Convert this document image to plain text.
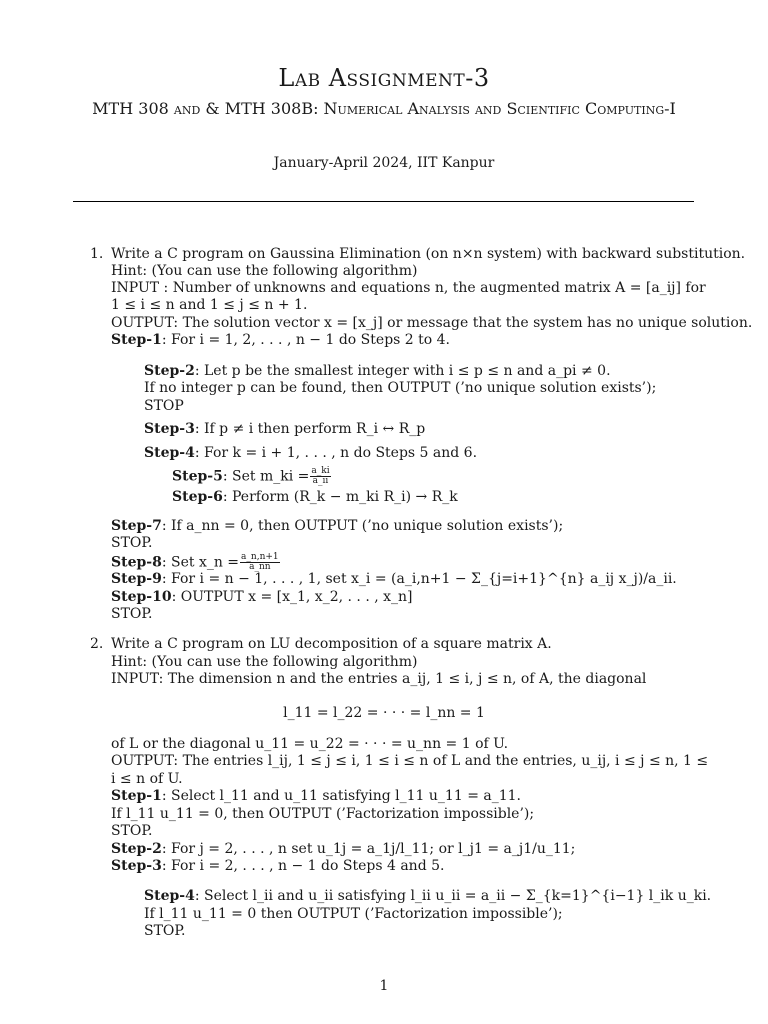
Lab Assignment-3
MTH 308 and & MTH 308B: Numerical Analysis and Scientific Computing-I
January-April 2024, IIT Kanpur
1. Write a C program on Gaussina Elimination (on n×n system) with backward substitution.
Hint: (You can use the following algorithm)
INPUT : Number of unknowns and equations n, the augmented matrix A = [a_ij] for
1 ≤ i ≤ n and 1 ≤ j ≤ n + 1.
OUTPUT: The solution vector x = [x_j] or message that the system has no unique solution.
Step-1: For i = 1, 2, . . . , n − 1 do Steps 2 to 4.
Step-2: Let p be the smallest integer with i ≤ p ≤ n and a_pi ≠ 0.
If no integer p can be found, then OUTPUT (’no unique solution exists’);
STOP
Step-3: If p ≠ i then perform R_i ↔ R_p
Step-4: For k = i + 1, . . . , n do Steps 5 and 6.
Step-5: Set m_ki = $\frac{a\_ki}{a\_ii}$
Step-6: Perform (R_k − m_ki R_i) → R_k
Step-7: If a_nn = 0, then OUTPUT (’no unique solution exists’);
STOP.
Step-8: Set x_n = $\frac{a\_n,n+1}{a\_nn}$
Step-9: For i = n − 1, . . . , 1, set x_i = (a_i,n+1 − Σ_{j=i+1}^{n} a_ij x_j)/a_ii.
Step-10: OUTPUT x = [x_1, x_2, . . . , x_n]
STOP.
2. Write a C program on LU decomposition of a square matrix A.
Hint: (You can use the following algorithm)
INPUT: The dimension n and the entries a_ij, 1 ≤ i, j ≤ n, of A, the diagonal
l_11 = l_22 = · · · = l_nn = 1
of L or the diagonal u_11 = u_22 = · · · = u_nn = 1 of U.
OUTPUT: The entries l_ij, 1 ≤ j ≤ i, 1 ≤ i ≤ n of L and the entries, u_ij, i ≤ j ≤ n, 1 ≤
i ≤ n of U.
Step-1: Select l_11 and u_11 satisfying l_11 u_11 = a_11.
If l_11 u_11 = 0, then OUTPUT (’Factorization impossible’);
STOP.
Step-2: For j = 2, . . . , n set u_1j = a_1j/l_11; or l_j1 = a_j1/u_11;
Step-3: For i = 2, . . . , n − 1 do Steps 4 and 5.
Step-4: Select l_ii and u_ii satisfying l_ii u_ii = a_ii − Σ_{k=1}^{i−1} l_ik u_ki.
If l_11 u_11 = 0 then OUTPUT (’Factorization impossible’);
STOP.
1
